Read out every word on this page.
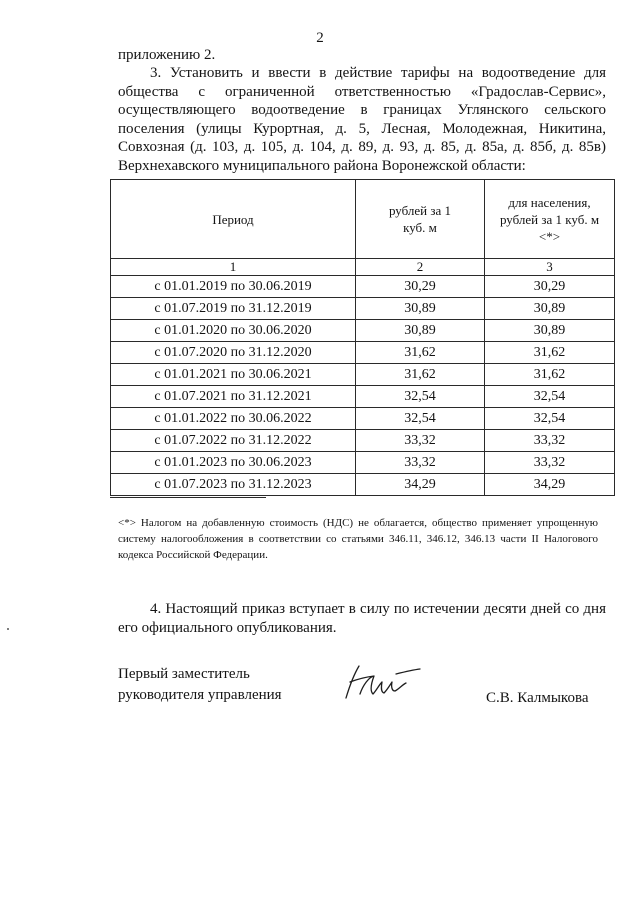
2
приложению 2.
3. Установить и ввести в действие тарифы на водоотведение для общества с ограниченной ответственностью «Градослав-Сервис», осуществляющего водоотведение в границах Углянского сельского поселения (улицы Курортная, д. 5, Лесная, Молодежная, Никитина, Совхозная (д. 103, д. 105, д. 104, д. 89, д. 93, д. 85, д. 85а, д. 85б, д. 85в) Верхнехавского муниципального района Воронежской области:
Период	рублей за 1 куб. м	для населения, рублей за 1 куб. м <*>

1	2	3
с 01.01.2019 по 30.06.2019	30,29	30,29
с 01.07.2019 по 31.12.2019	30,89	30,89
с 01.01.2020 по 30.06.2020	30,89	30,89
с 01.07.2020 по 31.12.2020	31,62	31,62
с 01.01.2021 по 30.06.2021	31,62	31,62
с 01.07.2021 по 31.12.2021	32,54	32,54
с 01.01.2022 по 30.06.2022	32,54	32,54
с 01.07.2022 по 31.12.2022	33,32	33,32
с 01.01.2023 по 30.06.2023	33,32	33,32
с 01.07.2023 по 31.12.2023	34,29	34,29
<*> Налогом на добавленную стоимость (НДС) не облагается, общество применяет упрощенную систему налогообложения в соответствии со статьями 346.11, 346.12, 346.13 части II Налогового кодекса Российской Федерации.
4. Настоящий приказ вступает в силу по истечении десяти дней со дня его официального опубликования.
Первый заместитель
руководителя управления	С.В. Калмыкова
